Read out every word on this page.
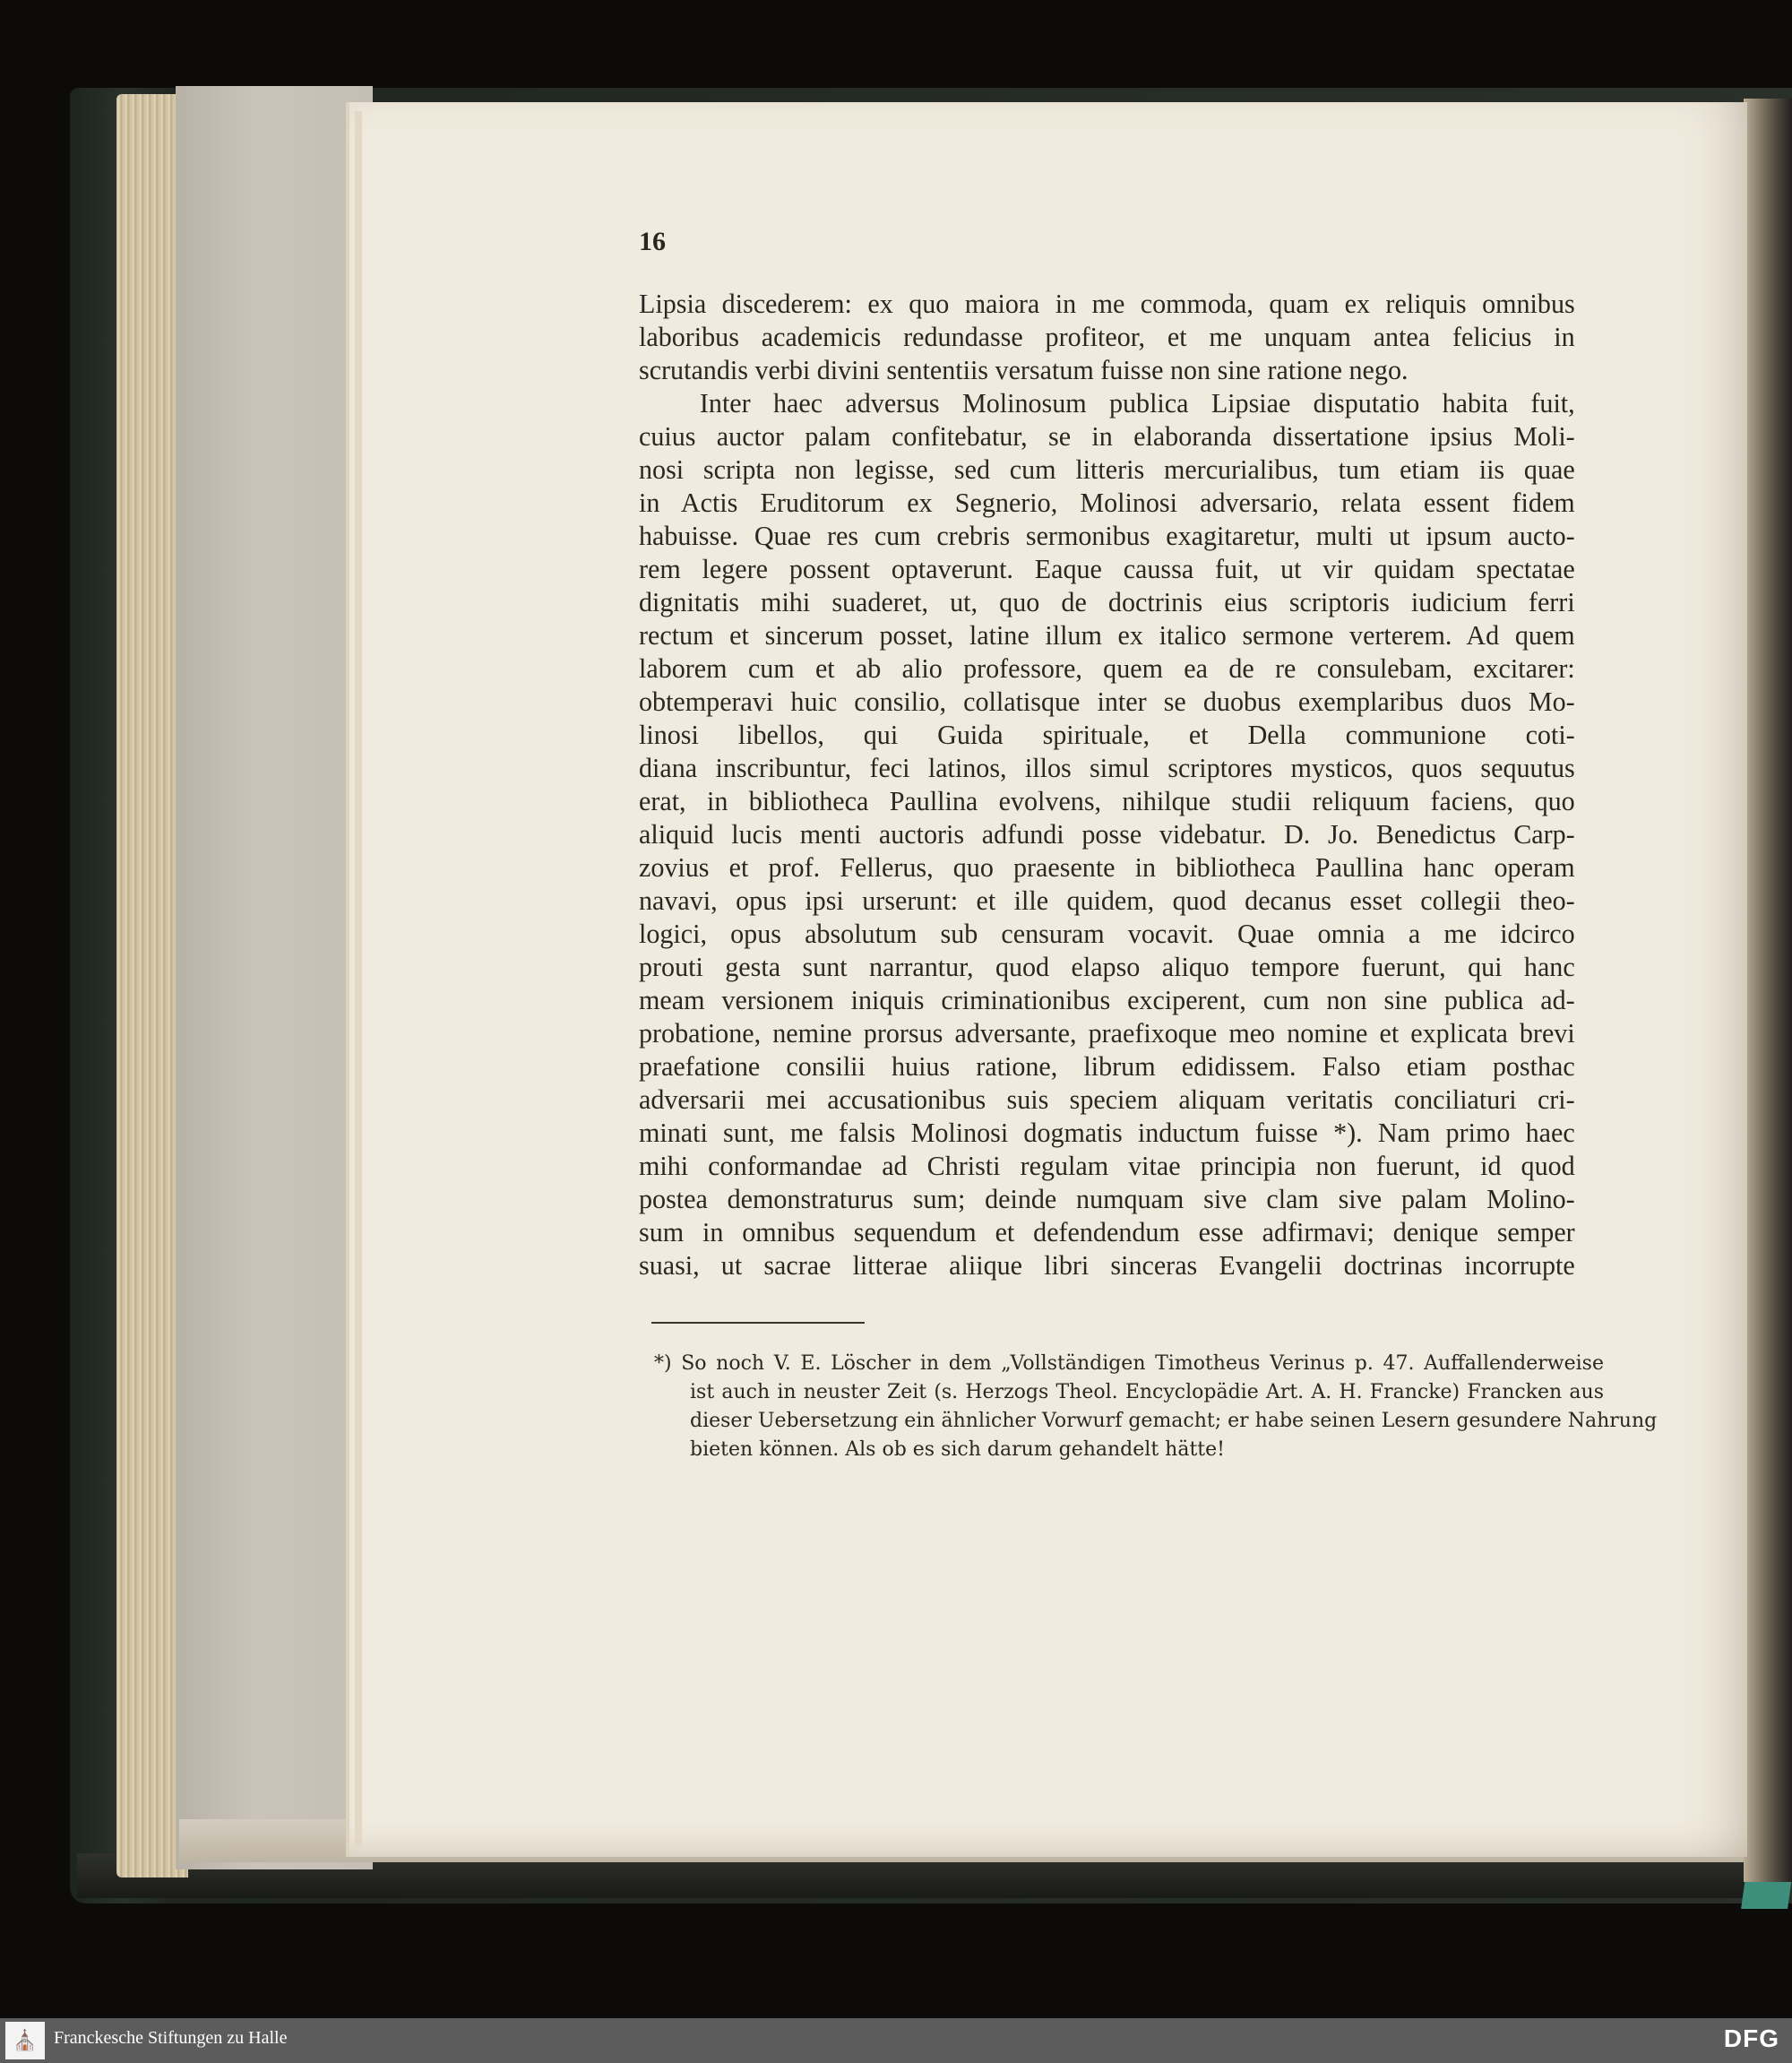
16
Lipsia discederem: ex quo maiora in me commoda, quam ex reliquis omnibus
laboribus academicis redundasse profiteor, et me unquam antea felicius in
scrutandis verbi divini sententiis versatum fuisse non sine ratione nego.
Inter haec adversus Molinosum publica Lipsiae disputatio habita fuit,
cuius auctor palam confitebatur, se in elaboranda dissertatione ipsius Moli-
nosi scripta non legisse, sed cum litteris mercurialibus, tum etiam iis quae
in Actis Eruditorum ex Segnerio, Molinosi adversario, relata essent fidem
habuisse. Quae res cum crebris sermonibus exagitaretur, multi ut ipsum aucto-
rem legere possent optaverunt. Eaque caussa fuit, ut vir quidam spectatae
dignitatis mihi suaderet, ut, quo de doctrinis eius scriptoris iudicium ferri
rectum et sincerum posset, latine illum ex italico sermone verterem. Ad quem
laborem cum et ab alio professore, quem ea de re consulebam, excitarer:
obtemperavi huic consilio, collatisque inter se duobus exemplaribus duos Mo-
linosi libellos, qui Guida spirituale, et Della communione coti-
diana inscribuntur, feci latinos, illos simul scriptores mysticos, quos sequutus
erat, in bibliotheca Paullina evolvens, nihilque studii reliquum faciens, quo
aliquid lucis menti auctoris adfundi posse videbatur. D. Jo. Benedictus Carp-
zovius et prof. Fellerus, quo praesente in bibliotheca Paullina hanc operam
navavi, opus ipsi urserunt: et ille quidem, quod decanus esset collegii theo-
logici, opus absolutum sub censuram vocavit. Quae omnia a me idcirco
prouti gesta sunt narrantur, quod elapso aliquo tempore fuerunt, qui hanc
meam versionem iniquis criminationibus exciperent, cum non sine publica ad-
probatione, nemine prorsus adversante, praefixoque meo nomine et explicata brevi
praefatione consilii huius ratione, librum edidissem. Falso etiam posthac
adversarii mei accusationibus suis speciem aliquam veritatis conciliaturi cri-
minati sunt, me falsis Molinosi dogmatis inductum fuisse *). Nam primo haec
mihi conformandae ad Christi regulam vitae principia non fuerunt, id quod
postea demonstraturus sum; deinde numquam sive clam sive palam Molino-
sum in omnibus sequendum et defendendum esse adfirmavi; denique semper
suasi, ut sacrae litterae aliique libri sinceras Evangelii doctrinas incorrupte
*) So noch V. E. Löscher in dem „Vollständigen Timotheus Verinus p. 47. Auffallenderweise
ist auch in neuster Zeit (s. Herzogs Theol. Encyclopädie Art. A. H. Francke) Francken aus
dieser Uebersetzung ein ähnlicher Vorwurf gemacht; er habe seinen Lesern gesundere Nahrung
bieten können. Als ob es sich darum gehandelt hätte!
⛪ Franckesche Stiftungen zu Halle	DFG
